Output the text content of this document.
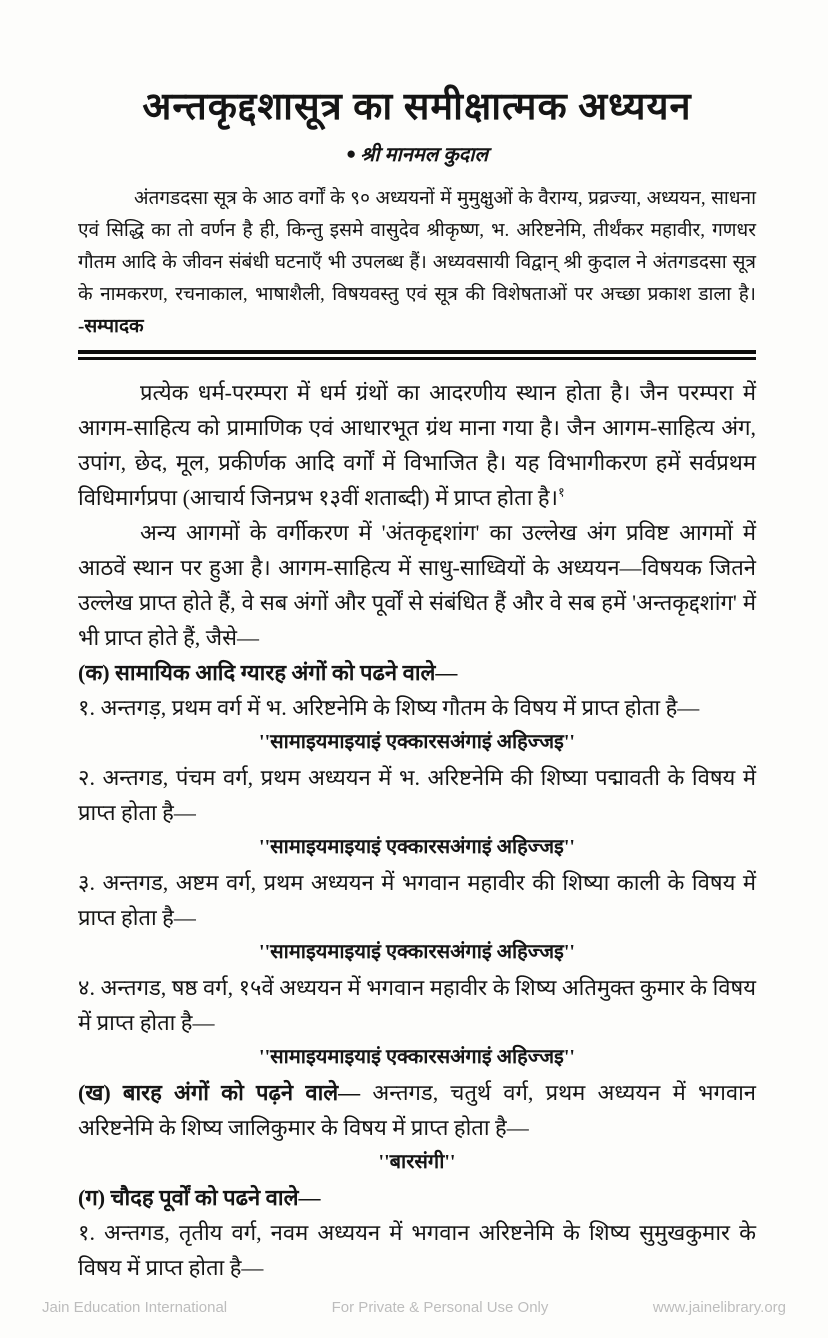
अन्तकृद्दशासूत्र का समीक्षात्मक अध्ययन
● श्री मानमल कुदाल

अंतगडदसा सूत्र के आठ वर्गों के ९० अध्ययनों में मुमुक्षुओं के वैराग्य, प्रव्रज्या, अध्ययन, साधना एवं सिद्धि का तो वर्णन है ही, किन्तु इसमे वासुदेव श्रीकृष्ण, भ. अरिष्टनेमि, तीर्थंकर महावीर, गणधर गौतम आदि के जीवन संबंधी घटनाएँ भी उपलब्ध हैं। अध्यवसायी विद्वान् श्री कुदाल ने अंतगडदसा सूत्र के नामकरण, रचनाकाल, भाषाशैली, विषयवस्तु एवं सूत्र की विशेषताओं पर अच्छा प्रकाश डाला है। -सम्पादक

प्रत्येक धर्म-परम्परा में धर्म ग्रंथों का आदरणीय स्थान होता है। जैन परम्परा में आगम-साहित्य को प्रामाणिक एवं आधारभूत ग्रंथ माना गया है। जैन आगम-साहित्य अंग, उपांग, छेद, मूल, प्रकीर्णक आदि वर्गों में विभाजित है। यह विभागीकरण हमें सर्वप्रथम विधिमार्गप्रपा (आचार्य जिनप्रभ १३वीं शताब्दी) में प्राप्त होता है।$^१$

अन्य आगमों के वर्गीकरण में 'अंतकृद्दशांग' का उल्लेख अंग प्रविष्ट आगमों में आठवें स्थान पर हुआ है। आगम-साहित्य में साधु-साध्वियों के अध्ययन—विषयक जितने उल्लेख प्राप्त होते हैं, वे सब अंगों और पूर्वों से संबंधित हैं और वे सब हमें 'अन्तकृद्दशांग' में भी प्राप्त होते हैं, जैसे—

(क) सामायिक आदि ग्यारह अंगों को पढने वाले—

१. अन्तगड़, प्रथम वर्ग में भ. अरिष्टनेमि के शिष्य गौतम के विषय में प्राप्त होता है—

''सामाइयमाइयाइं एक्कारसअंगाइं अहिज्जइ''

२. अन्तगड, पंचम वर्ग, प्रथम अध्ययन में भ. अरिष्टनेमि की शिष्या पद्मावती के विषय में प्राप्त होता है—

''सामाइयमाइयाइं एक्कारसअंगाइं अहिज्जइ''

३. अन्तगड, अष्टम वर्ग, प्रथम अध्ययन में भगवान महावीर की शिष्या काली के विषय में प्राप्त होता है—

''सामाइयमाइयाइं एक्कारसअंगाइं अहिज्जइ''

४. अन्तगड, षष्ठ वर्ग, १५वें अध्ययन में भगवान महावीर के शिष्य अतिमुक्त कुमार के विषय में प्राप्त होता है—

''सामाइयमाइयाइं एक्कारसअंगाइं अहिज्जइ''

(ख) बारह अंगों को पढ़ने वाले— अन्तगड, चतुर्थ वर्ग, प्रथम अध्ययन में भगवान अरिष्टनेमि के शिष्य जालिकुमार के विषय में प्राप्त होता है—

''बारसंगी''

(ग) चौदह पूर्वों को पढने वाले—

१. अन्तगड, तृतीय वर्ग, नवम अध्ययन में भगवान अरिष्टनेमि के शिष्य सुमुखकुमार के विषय में प्राप्त होता है—

Jain Education International	For Private & Personal Use Only	www.jainelibrary.org
